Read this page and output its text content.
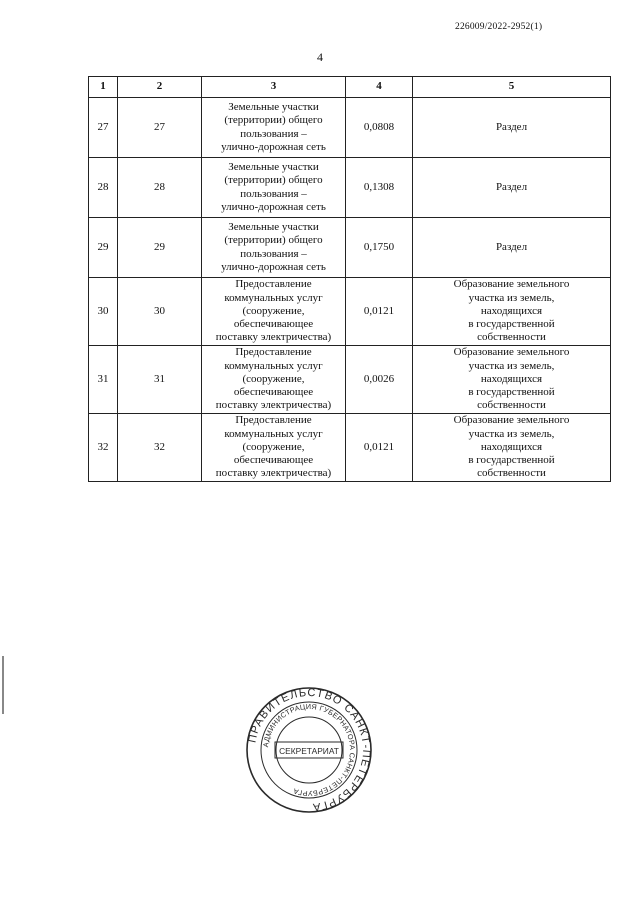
226009/2022-2952(1)
4
1	2	3	4	5
27	27	Земельные участки
(территории) общего
пользования –
улично-дорожная сеть	0,0808	Раздел

28	28	Земельные участки
(территории) общего
пользования –
улично-дорожная сеть	0,1308	Раздел

29	29	Земельные участки
(территории) общего
пользования –
улично-дорожная сеть	0,1750	Раздел

30	30	Предоставление
коммунальных услуг
(сооружение,
обеспечивающее
поставку электричества)	0,0121	Образование земельного
участка из земель,
находящихся
в государственной
собственности

31	31	Предоставление
коммунальных услуг
(сооружение,
обеспечивающее
поставку электричества)	0,0026	Образование земельного
участка из земель,
находящихся
в государственной
собственности

32	32	Предоставление
коммунальных услуг
(сооружение,
обеспечивающее
поставку электричества)	0,0121	Образование земельного
участка из земель,
находящихся
в государственной
собственности
ПРАВИТЕЛЬСТВО САНКТ-ПЕТЕРБУРГА
АДМИНИСТРАЦИЯ ГУБЕРНАТОРА САНКТ-ПЕТЕРБУРГА
СЕКРЕТАРИАТ
